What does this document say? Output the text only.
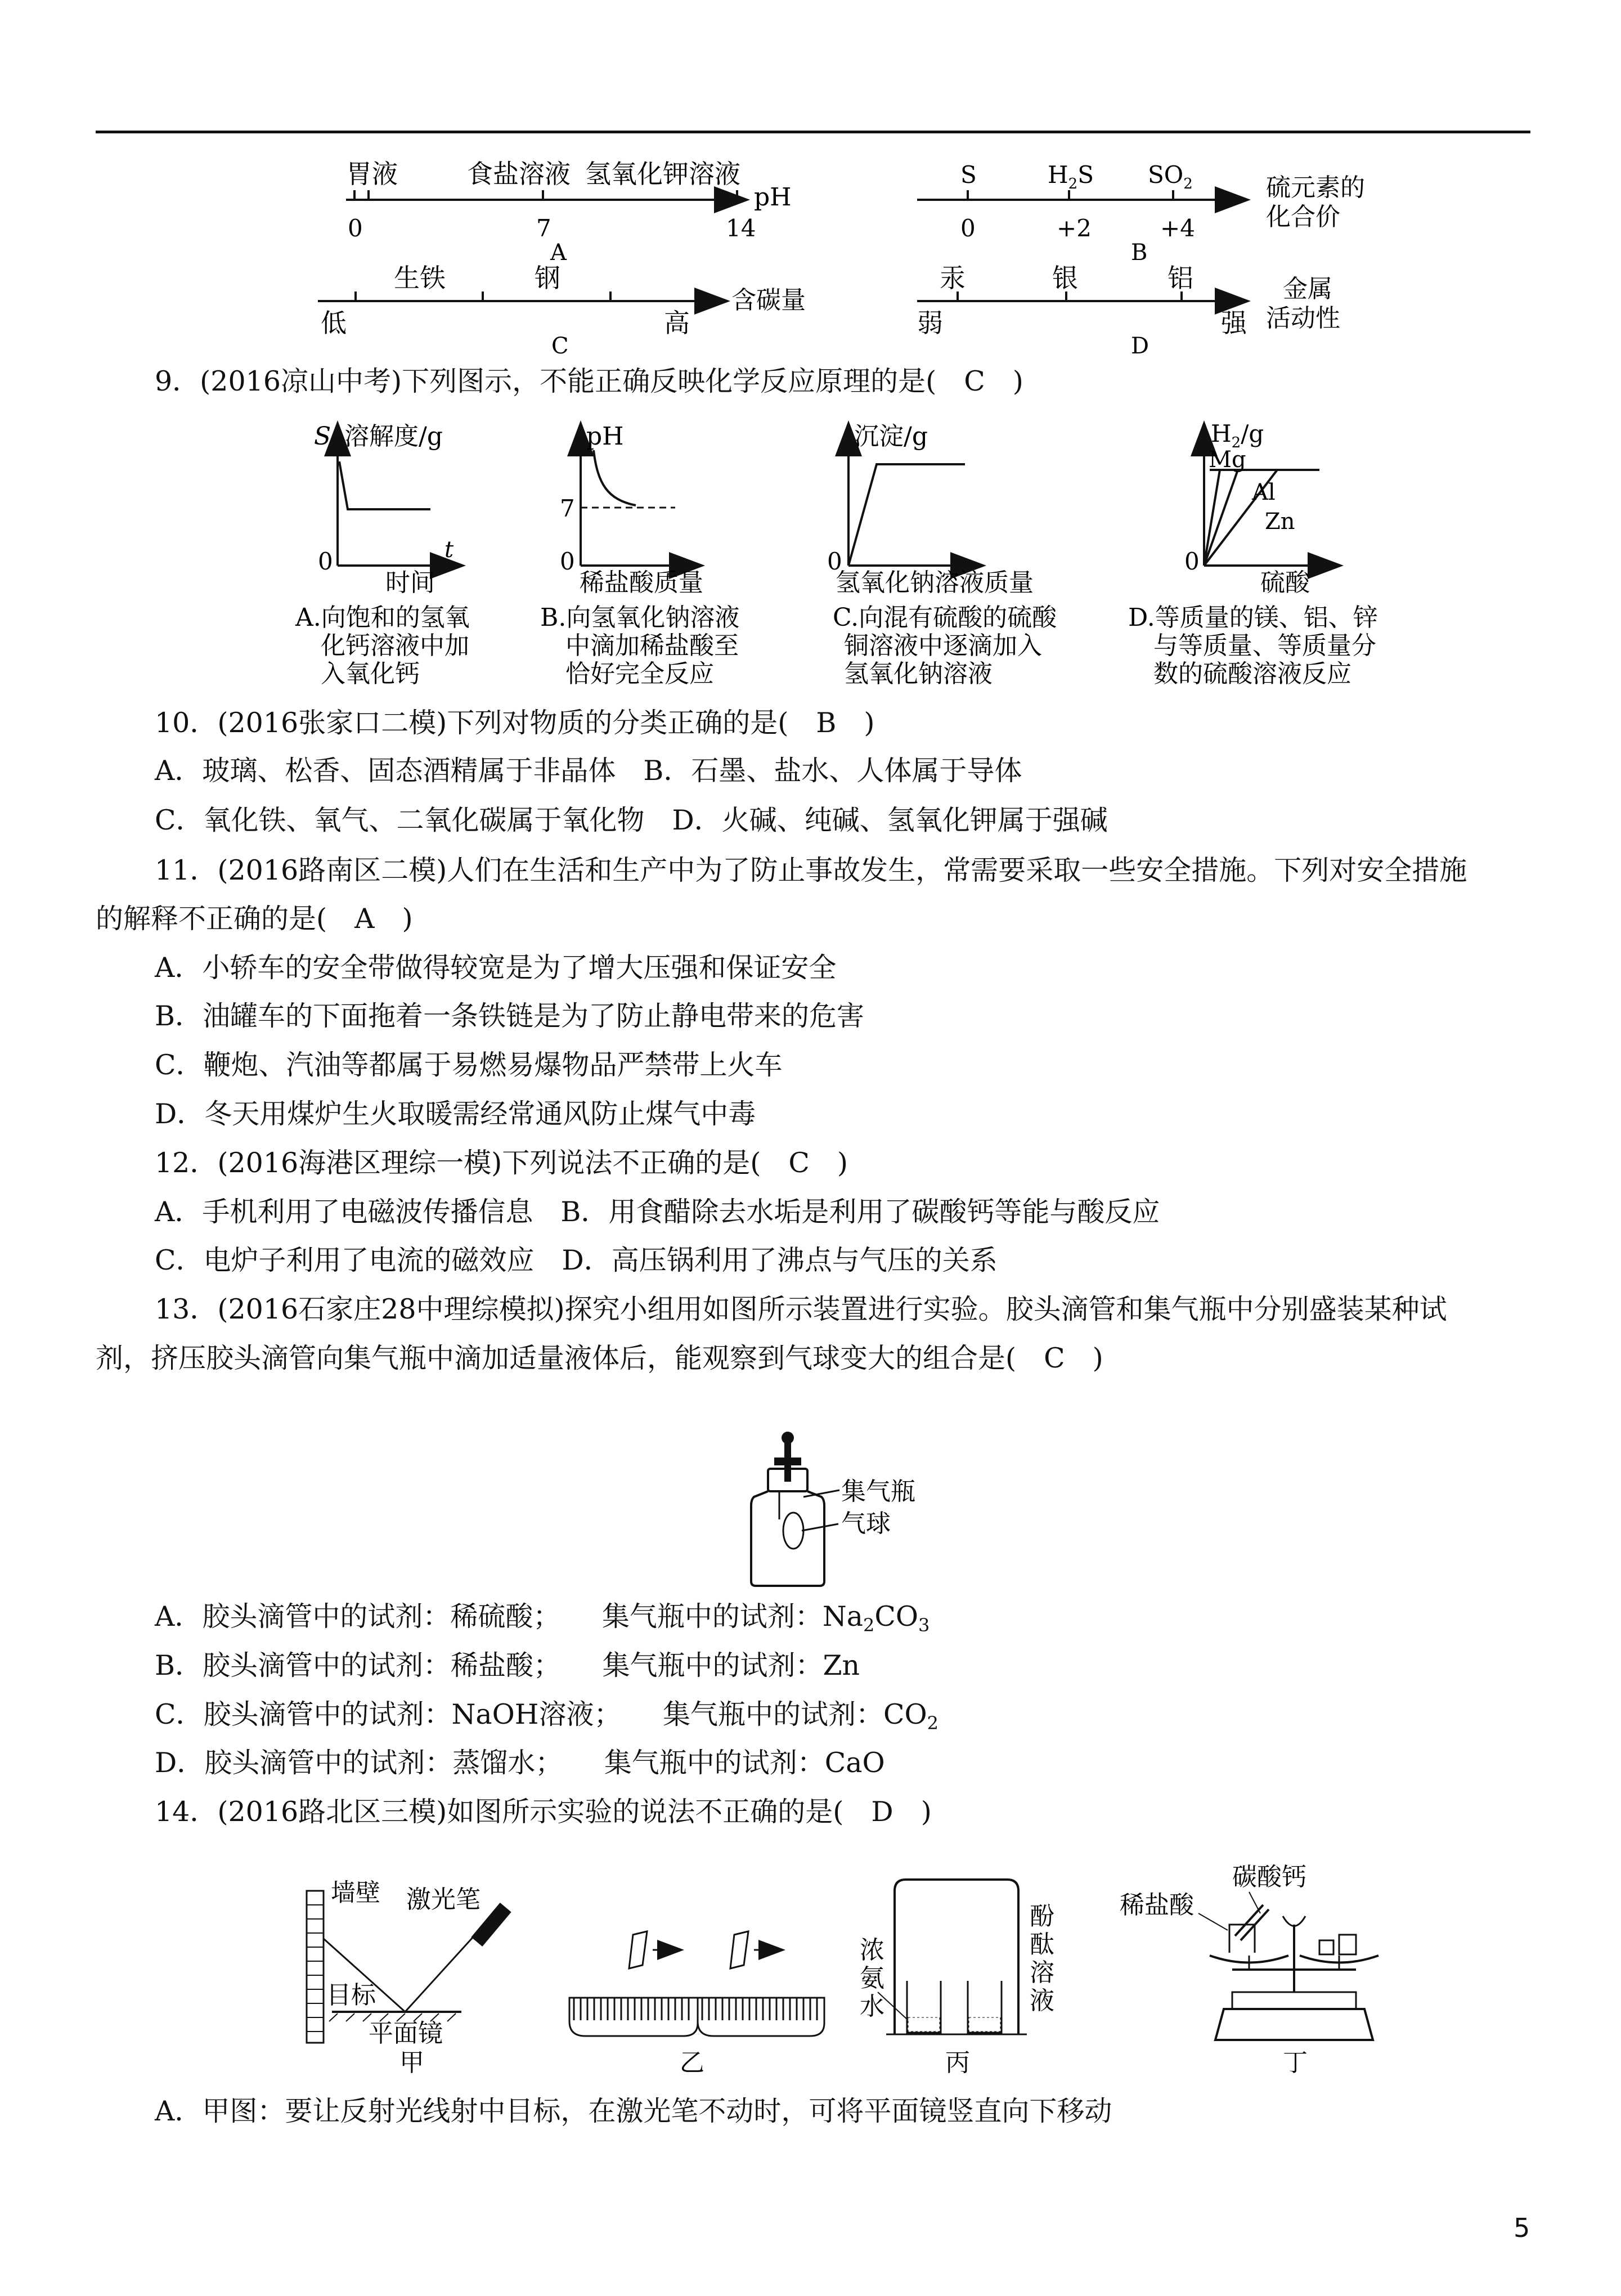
胃液	食盐溶液 氢氧化钾溶液
pH
0	7	14
A
S	$H_2S$ $SO_2$	硫元素的
化合价
0	+2	+4
B
生铁	钢
低	高
含碳量
C
汞	银	铝
弱	强
金属
活动性
D
9．(2016凉山中考)下列图示，不能正确反映化学反应原理的是(　C　)
S 溶解度/g
0	t
时间
A.向饱和的氢氧
化钙溶液中加
入氧化钙
pH
7
0
稀盐酸质量
B.向氢氧化钠溶液
中滴加稀盐酸至
恰好完全反应
沉淀/g
0
氢氧化钠溶液质量
C.向混有硫酸的硫酸
铜溶液中逐滴加入
氢氧化钠溶液
$H_2/g$
Mg
Al
Zn
0
硫酸
D.等质量的镁、铝、锌
与等质量、等质量分
数的硫酸溶液反应
10．(2016张家口二模)下列对物质的分类正确的是(　B　)
A．玻璃、松香、固态酒精属于非晶体　B．石墨、盐水、人体属于导体
C．氧化铁、氧气、二氧化碳属于氧化物　D．火碱、纯碱、氢氧化钾属于强碱
11．(2016路南区二模)人们在生活和生产中为了防止事故发生，常需要采取一些安全措施。下列对安全措施
的解释不正确的是(　A　)
A．小轿车的安全带做得较宽是为了增大压强和保证安全
B．油罐车的下面拖着一条铁链是为了防止静电带来的危害
C．鞭炮、汽油等都属于易燃易爆物品严禁带上火车
D．冬天用煤炉生火取暖需经常通风防止煤气中毒
12．(2016海港区理综一模)下列说法不正确的是(　C　)
A．手机利用了电磁波传播信息　B．用食醋除去水垢是利用了碳酸钙等能与酸反应
C．电炉子利用了电流的磁效应　D．高压锅利用了沸点与气压的关系
13．(2016石家庄28中理综模拟)探究小组用如图所示装置进行实验。胶头滴管和集气瓶中分别盛装某种试
剂，挤压胶头滴管向集气瓶中滴加适量液体后，能观察到气球变大的组合是(　C　)
集气瓶
气球
A．胶头滴管中的试剂：稀硫酸；　　集气瓶中的试剂：$Na_2CO_3$
B．胶头滴管中的试剂：稀盐酸；　　集气瓶中的试剂：Zn
C．胶头滴管中的试剂：NaOH溶液；　　集气瓶中的试剂：$CO_2$
D．胶头滴管中的试剂：蒸馏水；　　集气瓶中的试剂：CaO
14．(2016路北区三模)如图所示实验的说法不正确的是(　D　)
墙壁 激光笔
目标
平面镜
甲	乙
浓
氨
水
酚
酞
溶
液
丙
稀盐酸
碳酸钙
丁
A．甲图：要让反射光线射中目标，在激光笔不动时，可将平面镜竖直向下移动
5
